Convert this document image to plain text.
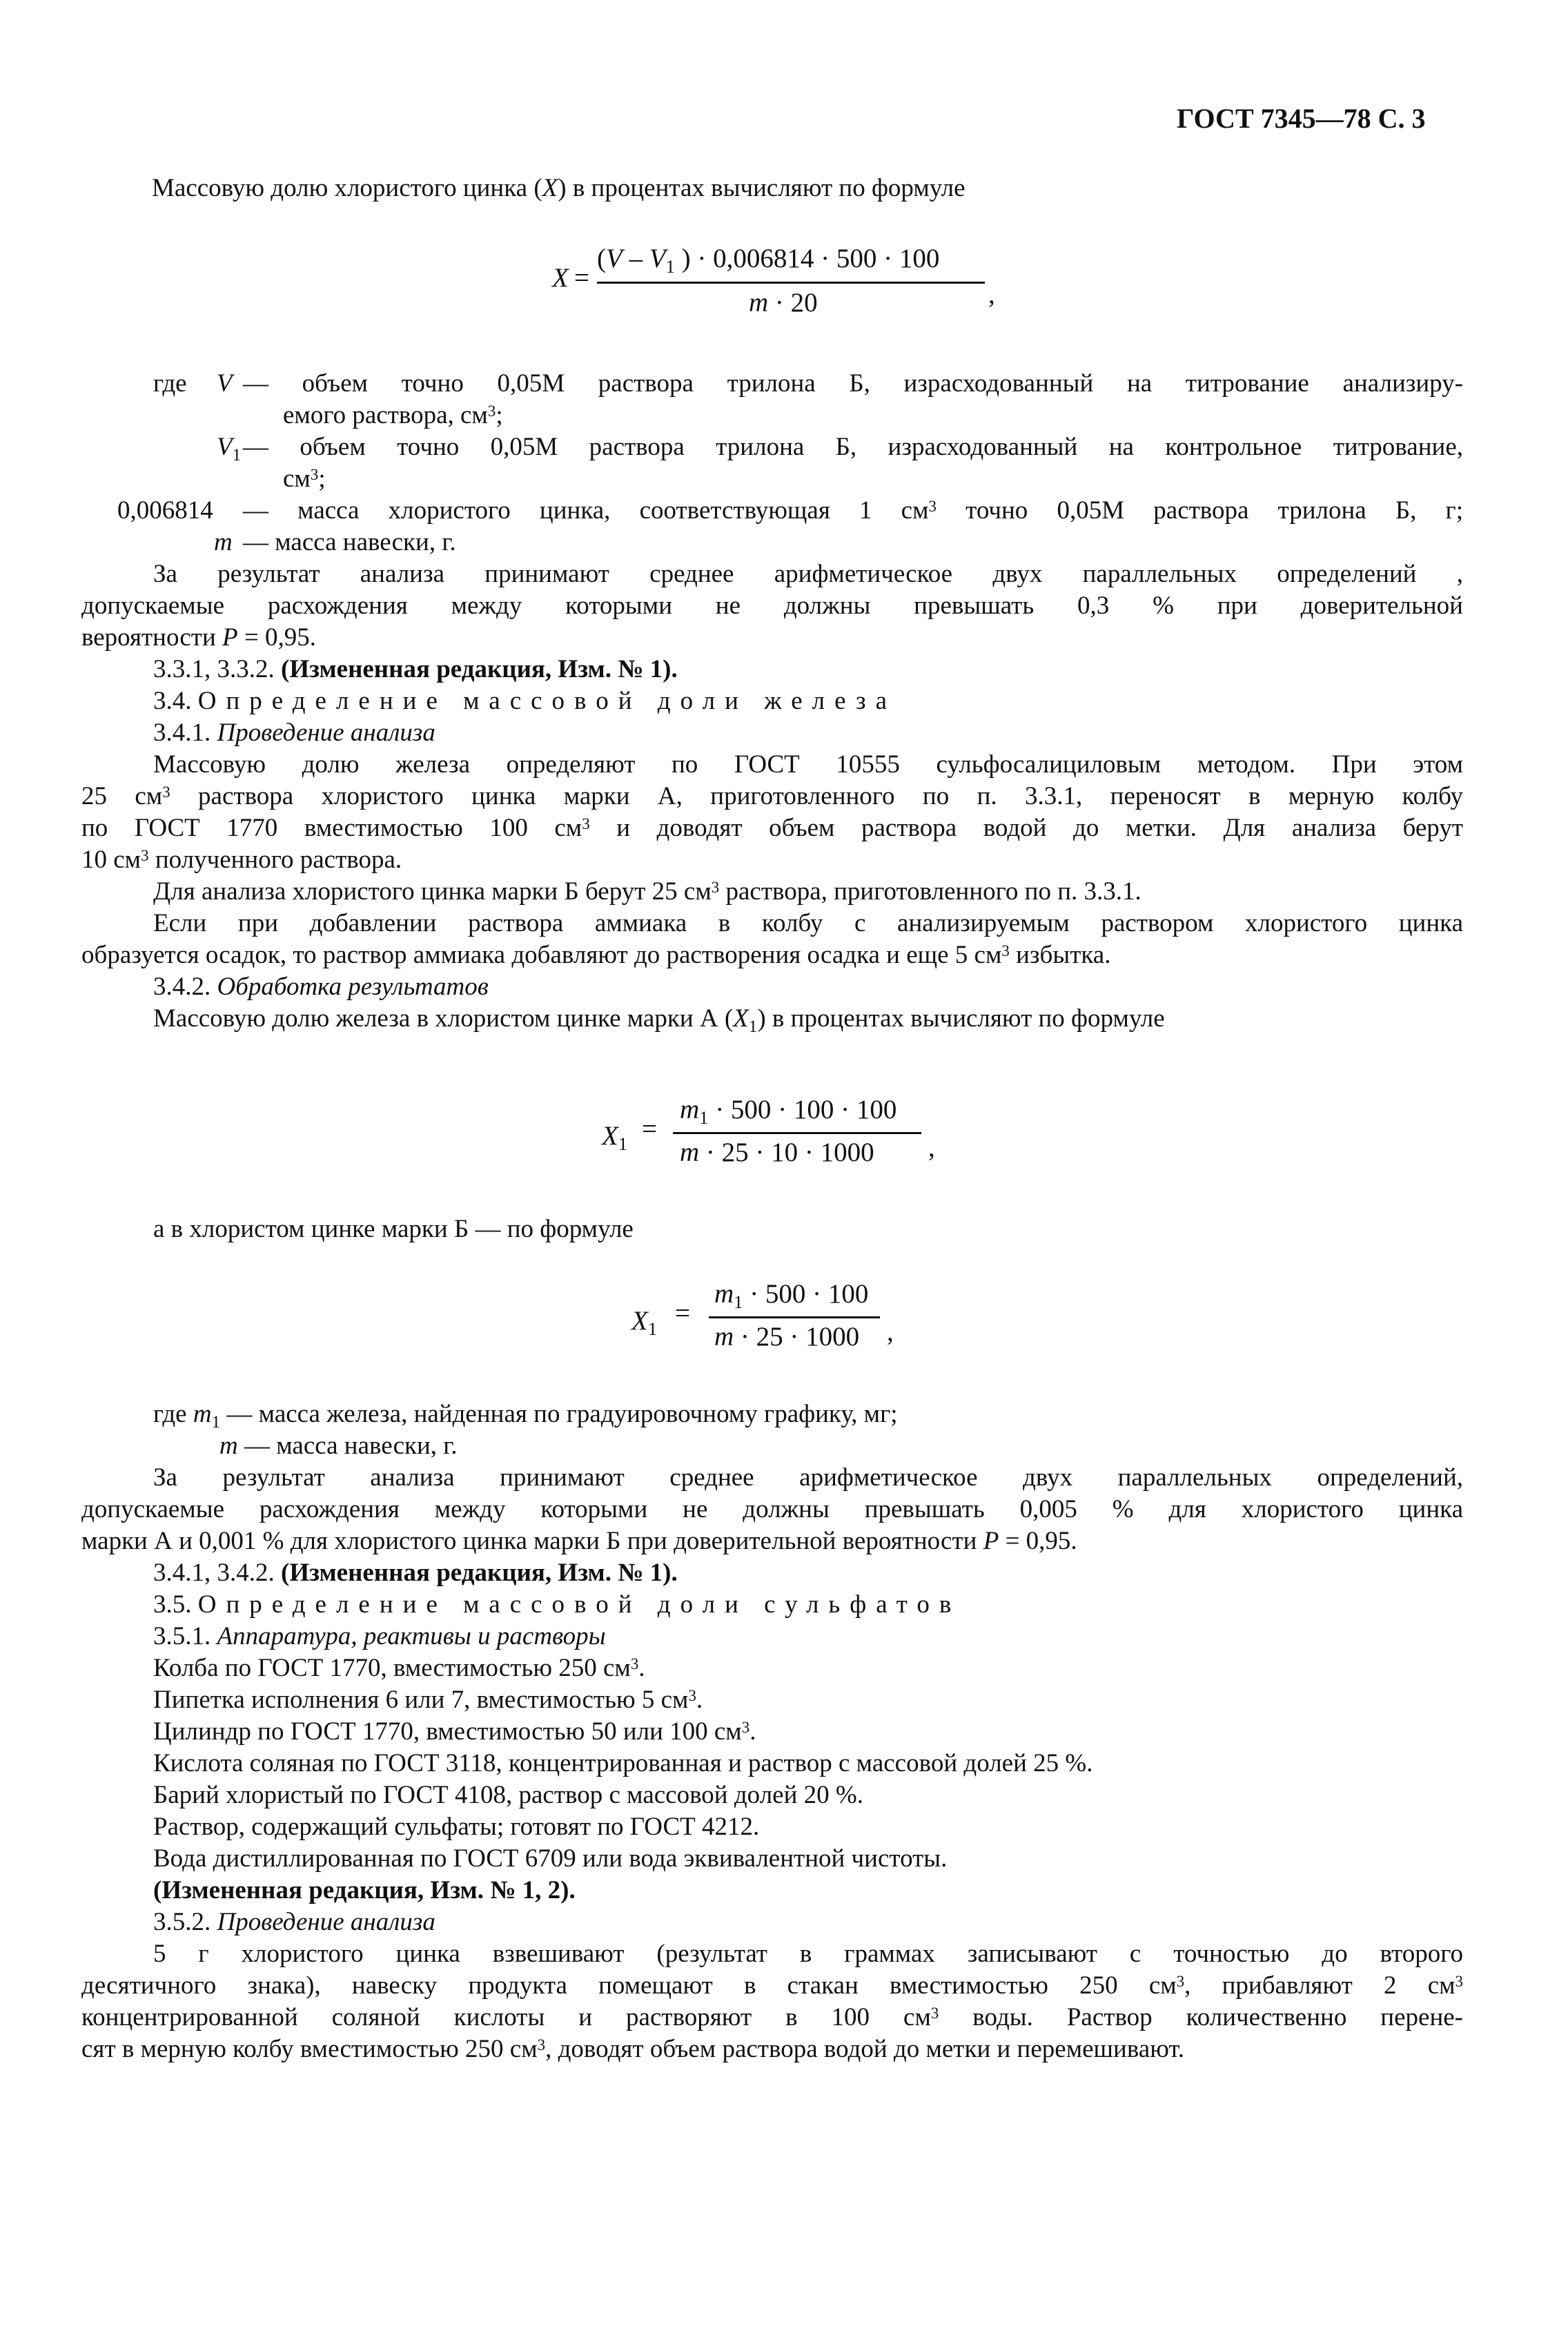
ГОСТ 7345—78 С. 3
Массовую долю хлористого цинка (X) в процентах вычисляют по формуле
X =
($V - V_1$ ) · 0,006814 · 500 · 100
m · 20	,
где V — объем точно 0,05М раствора трилона Б, израсходованный на титрование анализиру-
емого раствора, $см^3$;
$V_1$ — объем точно 0,05М раствора трилона Б, израсходованный на контрольное титрование,
$см^3$;
0,006814 — масса хлористого цинка, соответствующая 1 $см^3$ точно 0,05М раствора трилона Б, г;
m — масса навески, г.
За результат анализа принимают среднее арифметическое двух параллельных определений ,
допускаемые расхождения между которыми не должны превышать 0,3 % при доверительной
вероятности P = 0,95.
3.3.1, 3.3.2. (Измененная редакция, Изм. № 1).
3.4. Определение массовой доли железа
3.4.1. Проведение анализа
Массовую долю железа определяют по ГОСТ 10555 сульфосалициловым методом. При этом
25 $см^3$ раствора хлористого цинка марки А, приготовленного по п. 3.3.1, переносят в мерную колбу
по ГОСТ 1770 вместимостью 100 $см^3$ и доводят объем раствора водой до метки. Для анализа берут
10 $см^3$ полученного раствора.
Для анализа хлористого цинка марки Б берут 25 $см^3$ раствора, приготовленного по п. 3.3.1.
Если при добавлении раствора аммиака в колбу с анализируемым раствором хлористого цинка
образуется осадок, то раствор аммиака добавляют до растворения осадка и еще 5 $см^3$ избытка.
3.4.2. Обработка результатов
Массовую долю железа в хлористом цинке марки А $(X_1)$ в процентах вычисляют по формуле
$X_1$ =
$m_1 \cdot 500 \cdot 100 \cdot 100$
m · 25 · 10 · 1000 ,
а в хлористом цинке марки Б — по формуле
$X_1$
=
$m_1 \cdot 500 \cdot 100$
m · 25 · 1000 ,
где $m_1$ — масса железа, найденная по градуировочному графику, мг;
m — масса навески, г.
За результат анализа принимают среднее арифметическое двух параллельных определений,
допускаемые расхождения между которыми не должны превышать 0,005 % для хлористого цинка
марки А и 0,001 % для хлористого цинка марки Б при доверительной вероятности P = 0,95.
3.4.1, 3.4.2. (Измененная редакция, Изм. № 1).
3.5. Определение массовой доли сульфатов
3.5.1. Аппаратура, реактивы и растворы
Колба по ГОСТ 1770, вместимостью 250 $см^3$.
Пипетка исполнения 6 или 7, вместимостью 5 $см^3$.
Цилиндр по ГОСТ 1770, вместимостью 50 или 100 $см^3$.
Кислота соляная по ГОСТ 3118, концентрированная и раствор с массовой долей 25 %.
Барий хлористый по ГОСТ 4108, раствор с массовой долей 20 %.
Раствор, содержащий сульфаты; готовят по ГОСТ 4212.
Вода дистиллированная по ГОСТ 6709 или вода эквивалентной чистоты.
(Измененная редакция, Изм. № 1, 2).
3.5.2. Проведение анализа
5 г хлористого цинка взвешивают (результат в граммах записывают с точностью до второго
десятичного знака), навеску продукта помещают в стакан вместимостью 250 $см^3$, прибавляют 2 $см^3$
концентрированной соляной кислоты и растворяют в 100 $см^3$ воды. Раствор количественно перене-
сят в мерную колбу вместимостью 250 $см^3$, доводят объем раствора водой до метки и перемешивают.
